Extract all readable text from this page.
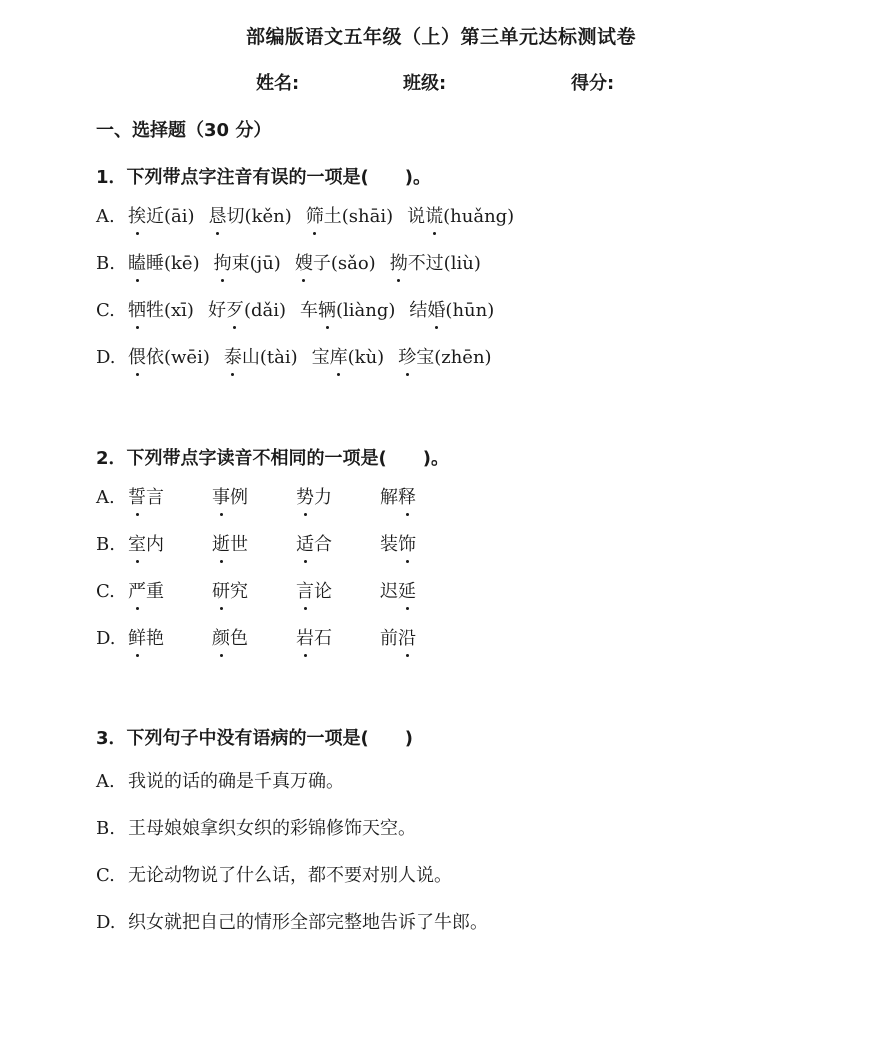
部编版语文五年级（上）第三单元达标测试卷
姓名:	班级:	得分:
一、选择题（30 分）
1．下列带点字注音有误的一项是(　　)。
A. 挨近(āi) 恳切(kěn) 筛土(shāi) 说谎(huǎng)
B. 瞌睡(kē) 拘束(jū) 嫂子(sǎo) 拗不过(liù)
C. 牺牲(xī) 好歹(dǎi) 车辆(liàng) 结婚(hūn)
D. 偎依(wēi) 泰山(tài) 宝库(kù) 珍宝(zhēn)
2．下列带点字读音不相同的一项是(　　)。
A. 誓言	事例	势力	解释
B. 室内	逝世	适合	装饰
C. 严重	研究	言论	迟延
D. 鲜艳	颜色	岩石	前沿
3．下列句子中没有语病的一项是(　　)
A. 我说的话的确是千真万确。
B. 王母娘娘拿织女织的彩锦修饰天空。
C. 无论动物说了什么话，都不要对别人说。
D. 织女就把自己的情形全部完整地告诉了牛郎。
